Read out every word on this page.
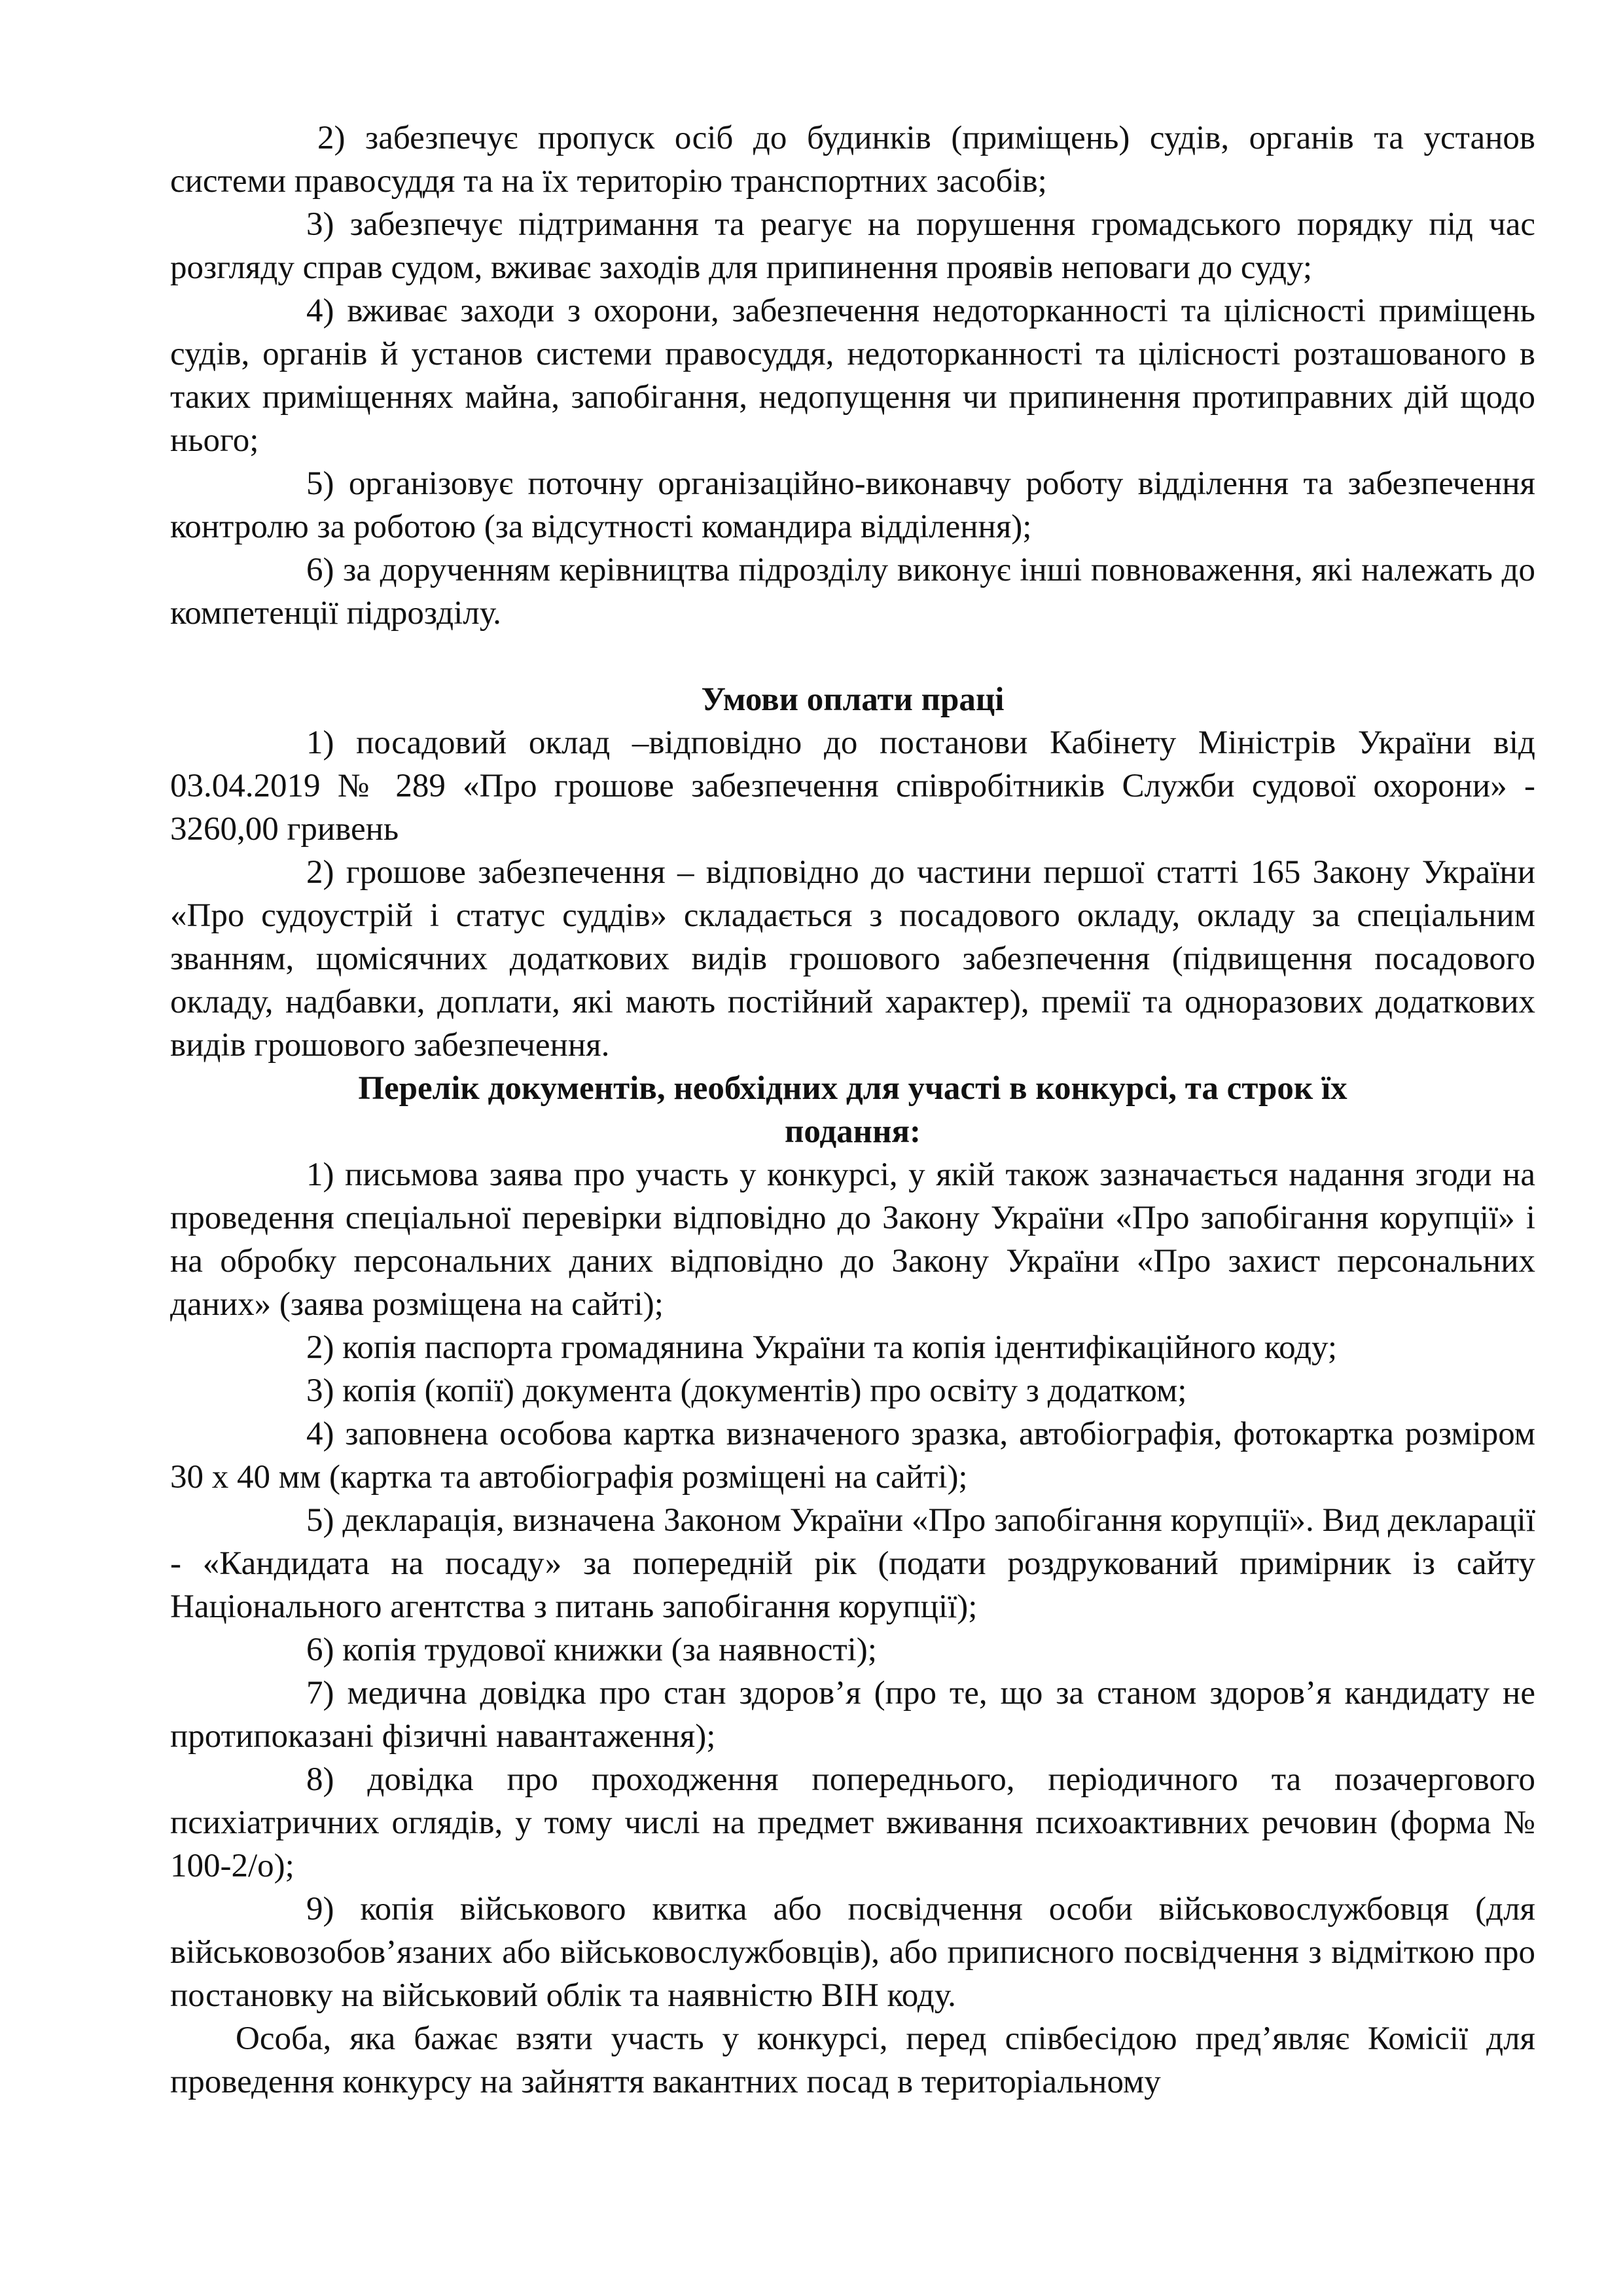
2) забезпечує пропуск осіб до будинків (приміщень) судів, органів та установ системи правосуддя та на їх територію транспортних засобів;

3) забезпечує підтримання та реагує на порушення громадського порядку під час розгляду справ судом, вживає заходів для припинення проявів неповаги до суду;

4) вживає заходи з охорони, забезпечення недоторканності та цілісності приміщень судів, органів й установ системи правосуддя, недоторканності та цілісності розташованого в таких приміщеннях майна, запобігання, недопущення чи припинення протиправних дій щодо нього;

5) організовує поточну організаційно-виконавчу роботу відділення та забезпечення контролю за роботою (за відсутності командира відділення);

6) за дорученням керівництва підрозділу виконує інші повноваження, які належать до компетенції підрозділу.

Умови оплати праці

1) посадовий оклад –відповідно до постанови Кабінету Міністрів України від 03.04.2019 № 289 «Про грошове забезпечення співробітників Служби судової охорони» - 3260,00 гривень

2) грошове забезпечення – відповідно до частини першої статті 165 Закону України «Про судоустрій і статус суддів» складається з посадового окладу, окладу за спеціальним званням, щомісячних додаткових видів грошового забезпечення (підвищення посадового окладу, надбавки, доплати, які мають постійний характер), премії та одноразових додаткових видів грошового забезпечення.

Перелік документів, необхідних для участі в конкурсі, та строк їх
подання:

1) письмова заява про участь у конкурсі, у якій також зазначається надання згоди на проведення спеціальної перевірки відповідно до Закону України «Про запобігання корупції» і на обробку персональних даних відповідно до Закону України «Про захист персональних даних» (заява розміщена на сайті);

2) копія паспорта громадянина України та копія ідентифікаційного коду;

3) копія (копії) документа (документів) про освіту з додатком;

4) заповнена особова картка визначеного зразка, автобіографія, фотокартка розміром 30 х 40 мм (картка та автобіографія розміщені на сайті);

5) декларація, визначена Законом України «Про запобігання корупції». Вид декларації - «Кандидата на посаду» за попередній рік (подати роздрукований примірник із сайту Національного агентства з питань запобігання корупції);

6) копія трудової книжки (за наявності);

7) медична довідка про стан здоров’я (про те, що за станом здоров’я кандидату не протипоказані фізичні навантаження);

8) довідка про проходження попереднього, періодичного та позачергового психіатричних оглядів, у тому числі на предмет вживання психоактивних речовин (форма № 100-2/о);

9) копія військового квитка або посвідчення особи військовослужбовця (для військовозобов’язаних або військовослужбовців), або приписного посвідчення з відміткою про постановку на військовий облік та наявністю ВІН коду.

Особа, яка бажає взяти участь у конкурсі, перед співбесідою пред’являє Комісії для проведення конкурсу на зайняття вакантних посад в територіальному
